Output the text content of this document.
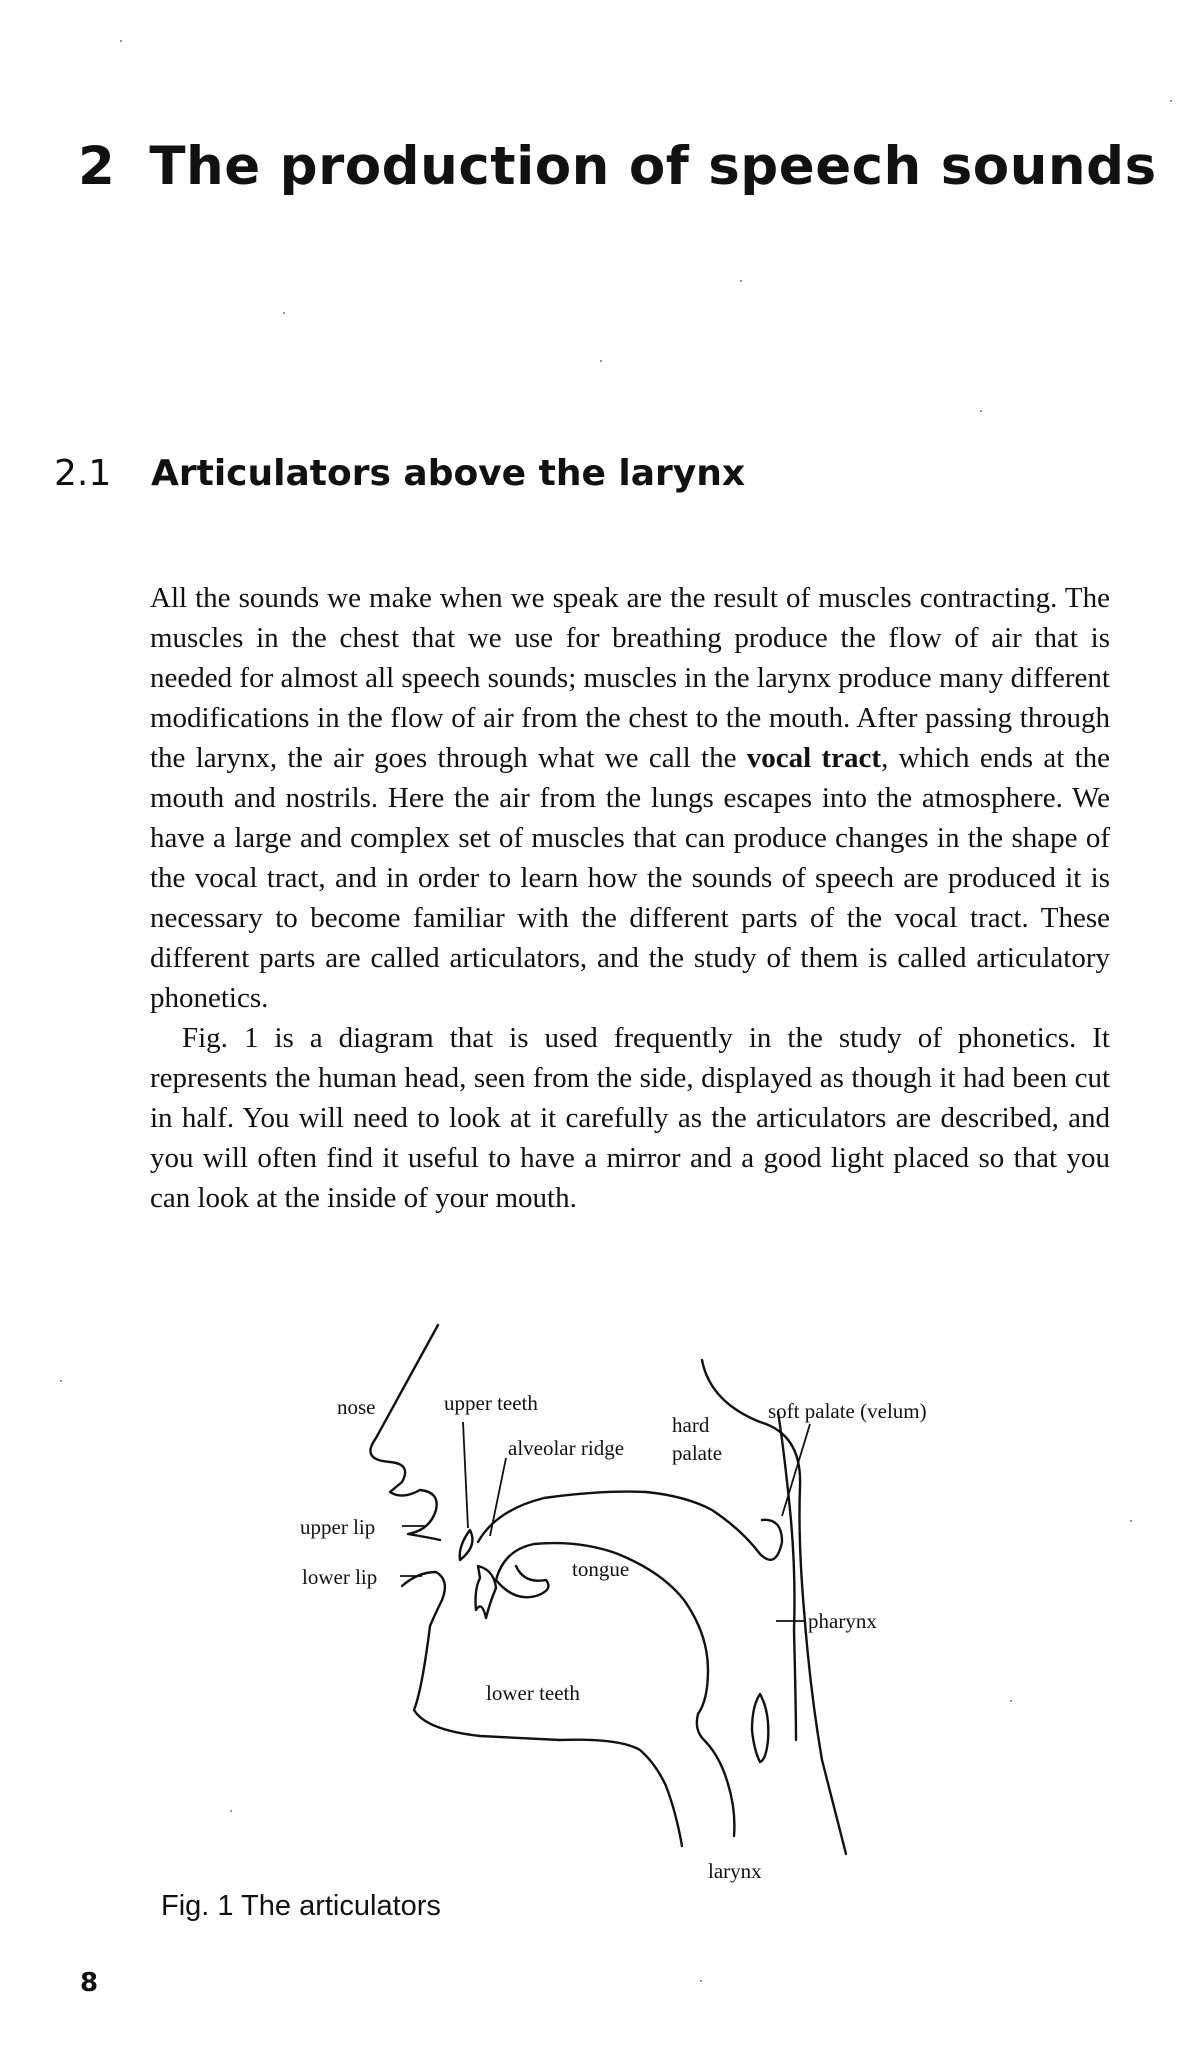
2 The production of speech sounds
2.1 Articulators above the larynx

All the sounds we make when we speak are the result of muscles contracting. The muscles in the chest that we use for breathing produce the flow of air that is needed for almost all speech sounds; muscles in the larynx produce many different modifications in the flow of air from the chest to the mouth. After passing through the larynx, the air goes through what we call the vocal tract, which ends at the mouth and nostrils. Here the air from the lungs escapes into the atmosphere. We have a large and complex set of muscles that can produce changes in the shape of the vocal tract, and in order to learn how the sounds of speech are produced it is necessary to become familiar with the different parts of the vocal tract. These different parts are called articulators, and the study of them is called articulatory phonetics.

Fig. 1 is a diagram that is used frequently in the study of phonetics. It represents the human head, seen from the side, displayed as though it had been cut in half. You will need to look at it carefully as the articulators are described, and you will often find it useful to have a mirror and a good light placed so that you can look at the inside of your mouth.

nose	upper teeth
alveolar ridge
hard
palate
soft palate (velum)
upper lip
lower lip	tongue
pharynx
lower teeth
larynx
Fig. 1 The articulators
8
